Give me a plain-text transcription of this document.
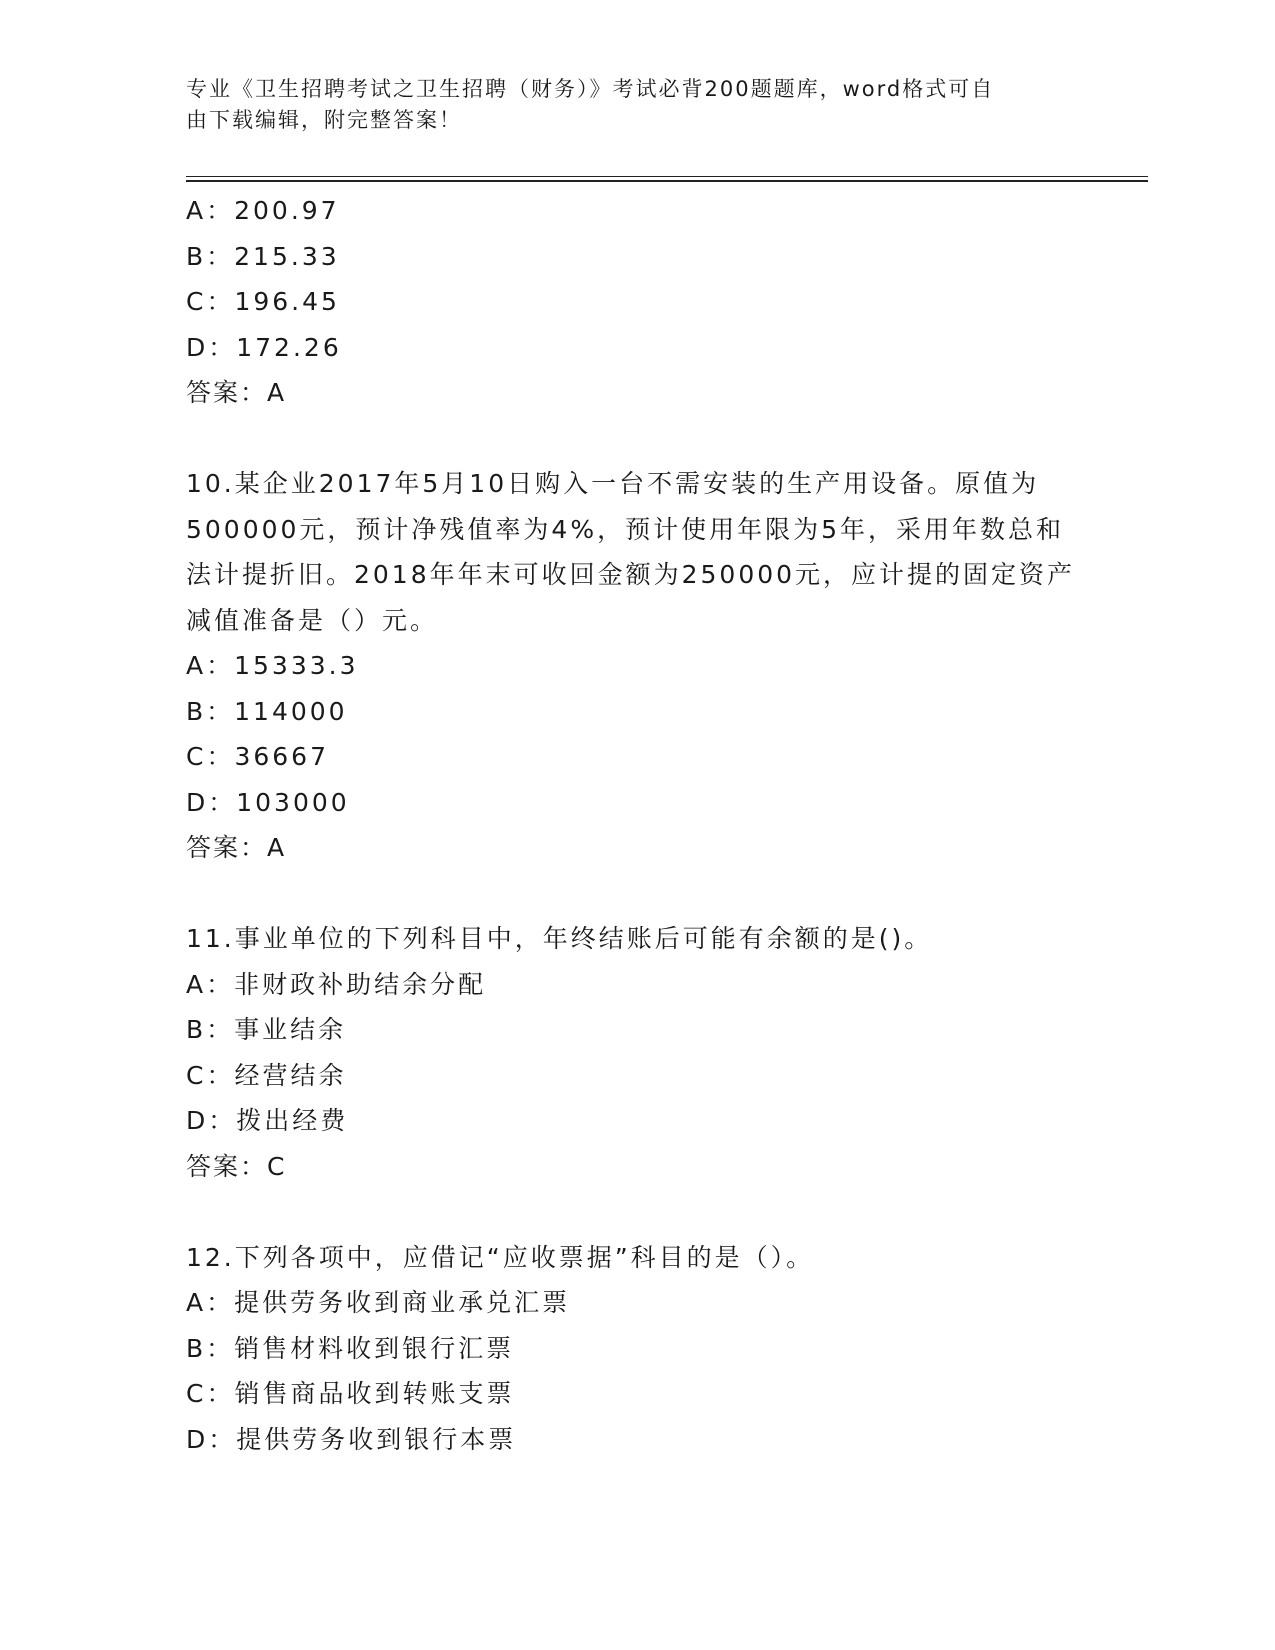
专业《卫生招聘考试之卫生招聘（财务）》考试必背200题题库，word格式可自
由下载编辑，附完整答案！
A：200.97
B：215.33
C：196.45
D：172.26
答案：A
10.某企业2017年5月10日购入一台不需安装的生产用设备。原值为
500000元，预计净残值率为4%，预计使用年限为5年，采用年数总和
法计提折旧。2018年年末可收回金额为250000元，应计提的固定资产
减值准备是（）元。
A：15333.3
B：114000
C：36667
D：103000
答案：A
11.事业单位的下列科目中，年终结账后可能有余额的是()。
A：非财政补助结余分配
B：事业结余
C：经营结余
D：拨出经费
答案：C
12.下列各项中，应借记“应收票据”科目的是（）。
A：提供劳务收到商业承兑汇票
B：销售材料收到银行汇票
C：销售商品收到转账支票
D：提供劳务收到银行本票
